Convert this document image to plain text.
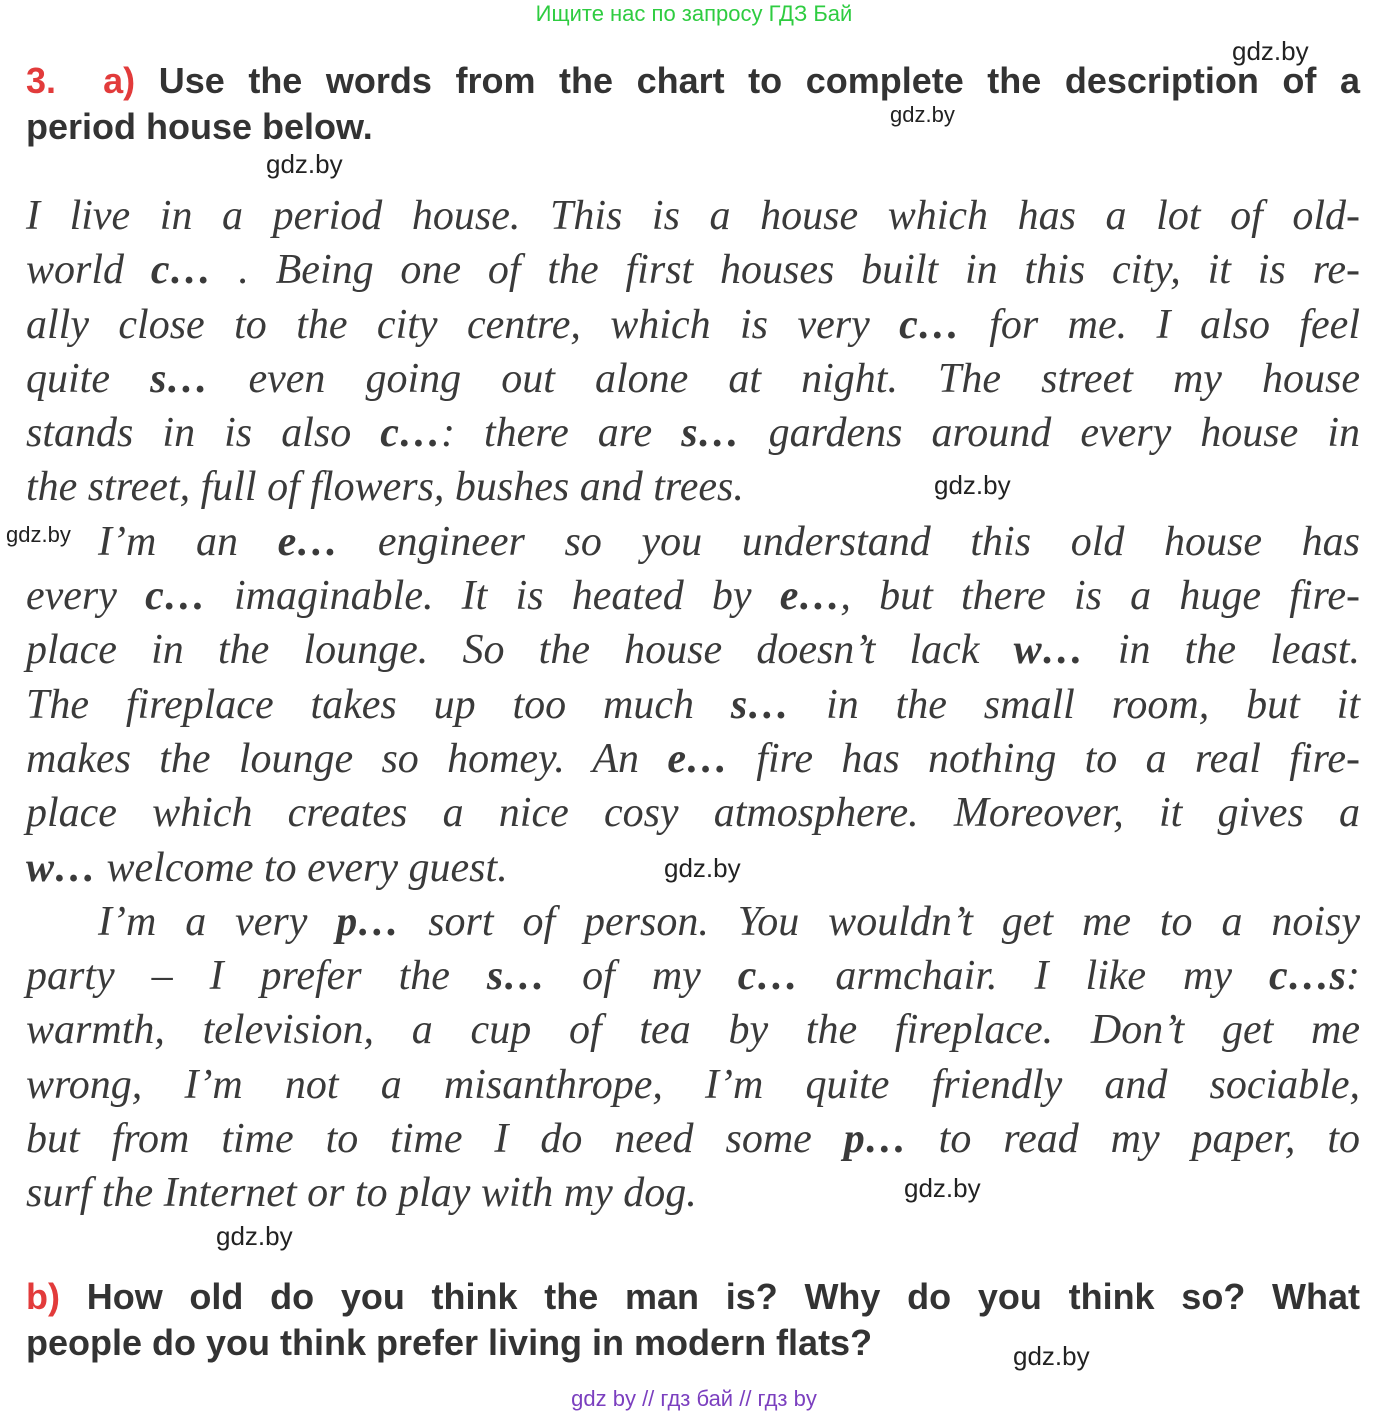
Ищите нас по запросу ГДЗ Бай
gdz.by
gdz.by
gdz.by
gdz.by
gdz.by
gdz.by
gdz.by
gdz.by
gdz.by
3. a) Use the words from the chart to complete the description of a
period house below.
I live in a period house. This is a house which has a lot of old-
world c… . Being one of the first houses built in this city, it is re-
ally close to the city centre, which is very c… for me. I also feel
quite s… even going out alone at night. The street my house
stands in is also c…: there are s… gardens around every house in
the street, full of flowers, bushes and trees.
I’m an e… engineer so you understand this old house has
every c… imaginable. It is heated by e…, but there is a huge fire-
place in the lounge. So the house doesn’t lack w… in the least.
The fireplace takes up too much s… in the small room, but it
makes the lounge so homey. An e… fire has nothing to a real fire-
place which creates a nice cosy atmosphere. Moreover, it gives a
w… welcome to every guest.
I’m a very p… sort of person. You wouldn’t get me to a noisy
party – I prefer the s… of my c… armchair. I like my c…s:
warmth, television, a cup of tea by the fireplace. Don’t get me
wrong, I’m not a misanthrope, I’m quite friendly and sociable,
but from time to time I do need some p… to read my paper, to
surf the Internet or to play with my dog.
b) How old do you think the man is? Why do you think so? What
people do you think prefer living in modern flats?
gdz by // гдз бай // гдз by
